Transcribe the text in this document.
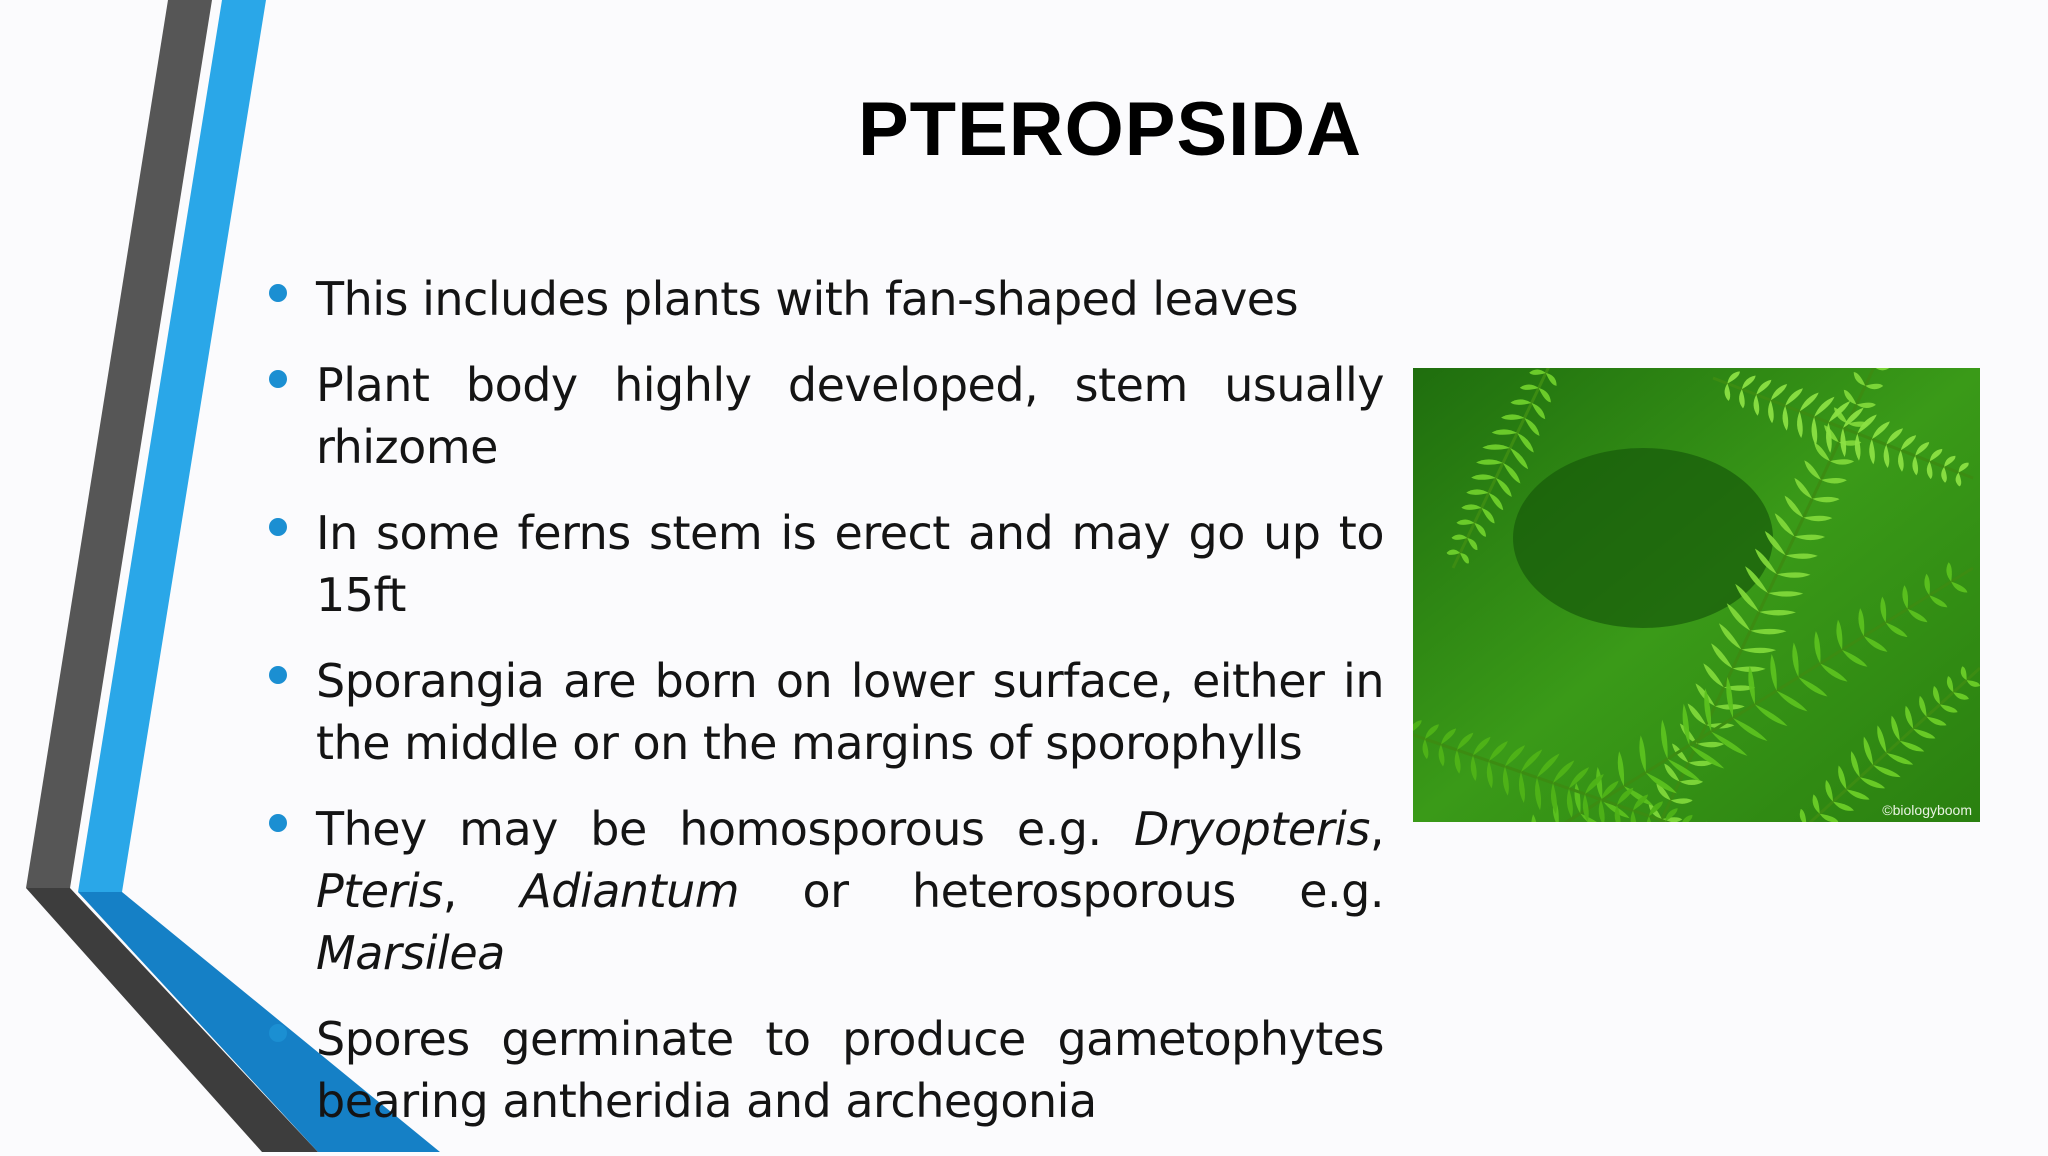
PTEROPSIDA
This includes plants with fan-shaped leaves
Plant body highly developed, stem usually rhizome
In some ferns stem is erect and may go up to 15ft
Sporangia are born on lower surface, either in the middle or on the margins of sporophylls
They may be homosporous e.g. Dryopteris, Pteris, Adiantum or heterosporous e.g. Marsilea
Spores germinate to produce gametophytes bearing antheridia and archegonia
©biologyboom
